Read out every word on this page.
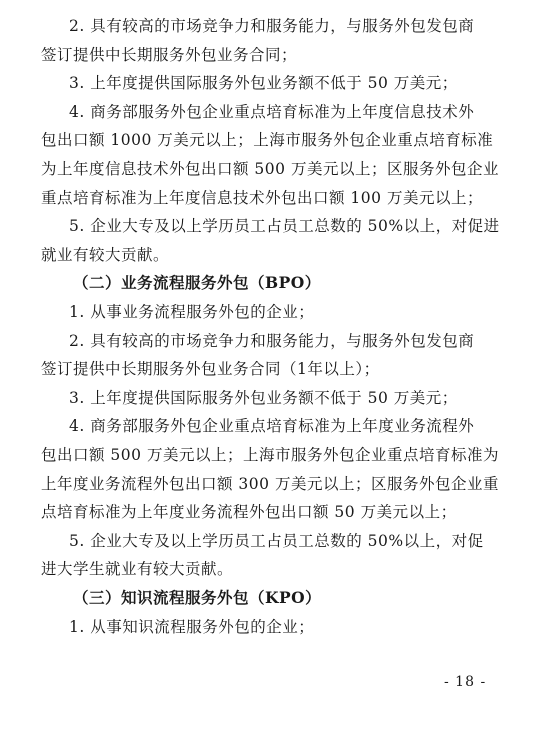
2. 具有较高的市场竞争力和服务能力，与服务外包发包商
签订提供中长期服务外包业务合同；
3. 上年度提供国际服务外包业务额不低于 50 万美元；
4. 商务部服务外包企业重点培育标准为上年度信息技术外
包出口额 1000 万美元以上；上海市服务外包企业重点培育标准
为上年度信息技术外包出口额 500 万美元以上；区服务外包企业
重点培育标准为上年度信息技术外包出口额 100 万美元以上；
5. 企业大专及以上学历员工占员工总数的 50%以上，对促进
就业有较大贡献。
（二）业务流程服务外包（BPO）
1. 从事业务流程服务外包的企业；
2. 具有较高的市场竞争力和服务能力，与服务外包发包商
签订提供中长期服务外包业务合同（1年以上）；
3. 上年度提供国际服务外包业务额不低于 50 万美元；
4. 商务部服务外包企业重点培育标准为上年度业务流程外
包出口额 500 万美元以上；上海市服务外包企业重点培育标准为
上年度业务流程外包出口额 300 万美元以上；区服务外包企业重
点培育标准为上年度业务流程外包出口额 50 万美元以上；
5. 企业大专及以上学历员工占员工总数的 50%以上，对促
进大学生就业有较大贡献。
（三）知识流程服务外包（KPO）
1. 从事知识流程服务外包的企业；
- 18 -
